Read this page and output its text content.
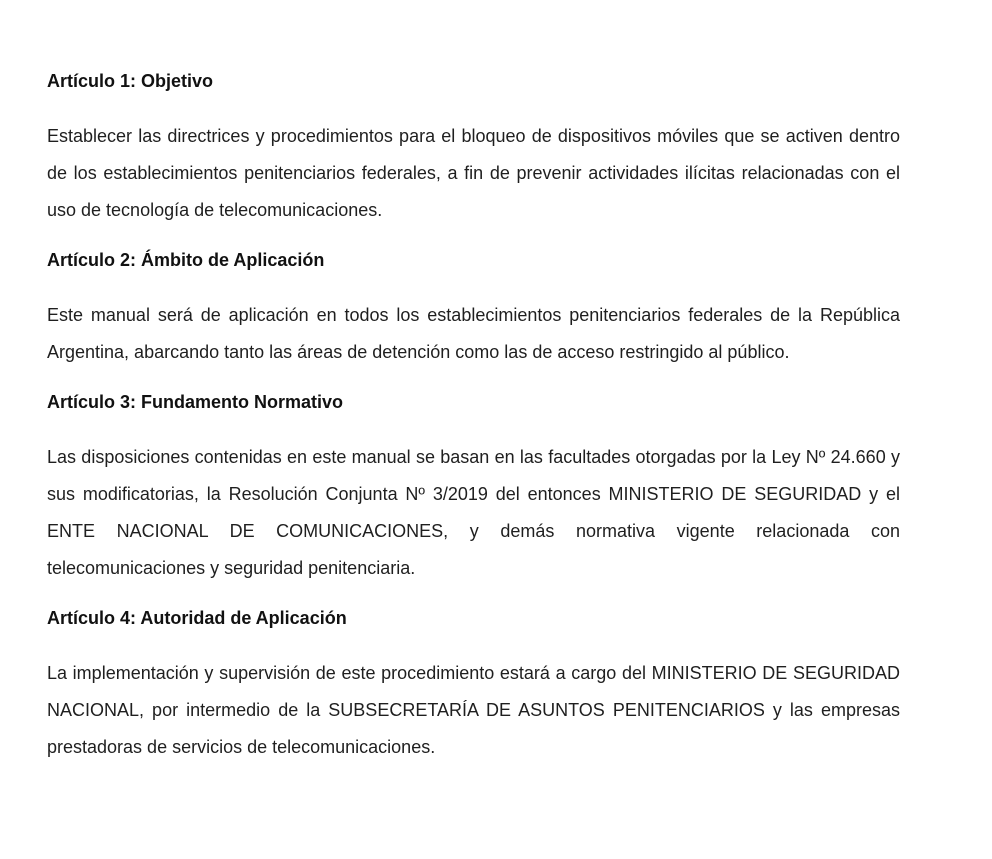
Artículo 1: Objetivo

Establecer las directrices y procedimientos para el bloqueo de dispositivos móviles que se activen dentro de los establecimientos penitenciarios federales, a fin de prevenir actividades ilícitas relacionadas con el uso de tecnología de telecomunicaciones.

Artículo 2: Ámbito de Aplicación

Este manual será de aplicación en todos los establecimientos penitenciarios federales de la República Argentina, abarcando tanto las áreas de detención como las de acceso restringido al público.

Artículo 3: Fundamento Normativo

Las disposiciones contenidas en este manual se basan en las facultades otorgadas por la Ley Nº 24.660 y sus modificatorias, la Resolución Conjunta Nº 3/2019 del entonces MINISTERIO DE SEGURIDAD y el ENTE NACIONAL DE COMUNICACIONES, y demás normativa vigente relacionada con telecomunicaciones y seguridad penitenciaria.

Artículo 4: Autoridad de Aplicación

La implementación y supervisión de este procedimiento estará a cargo del MINISTERIO DE SEGURIDAD NACIONAL, por intermedio de la SUBSECRETARÍA DE ASUNTOS PENITENCIARIOS y las empresas prestadoras de servicios de telecomunicaciones.
